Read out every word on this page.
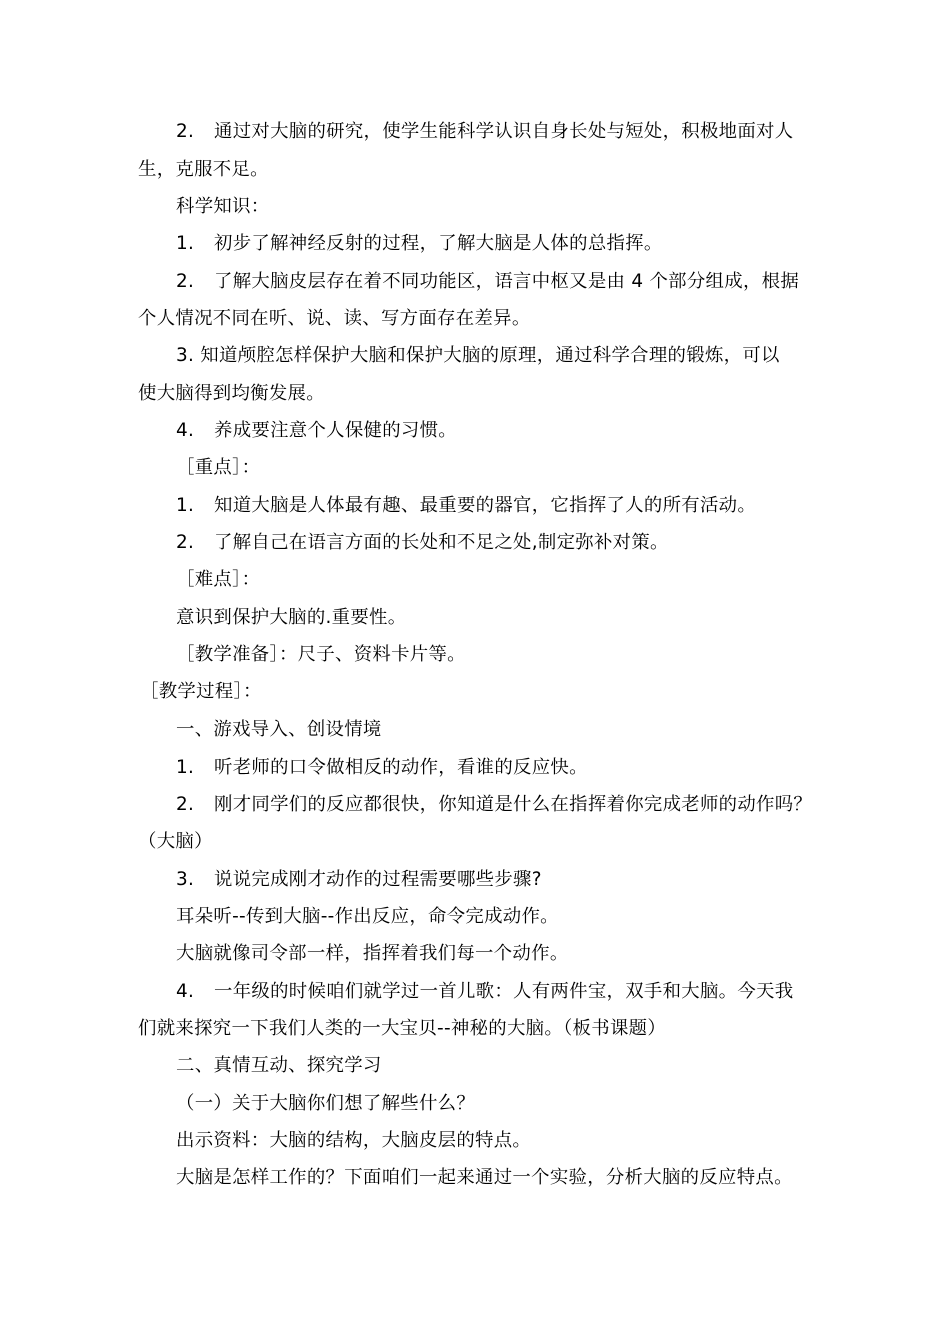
2. 通过对大脑的研究，使学生能科学认识自身长处与短处，积极地面对人
生，克服不足。
科学知识：
1. 初步了解神经反射的过程，了解大脑是人体的总指挥。
2. 了解大脑皮层存在着不同功能区，语言中枢又是由 4 个部分组成，根据
个人情况不同在听、说、读、写方面存在差异。
3. 知道颅腔怎样保护大脑和保护大脑的原理，通过科学合理的锻炼，可以
使大脑得到均衡发展。
4. 养成要注意个人保健的习惯。
［重点］：
1. 知道大脑是人体最有趣、最重要的器官，它指挥了人的所有活动。
2. 了解自己在语言方面的长处和不足之处,制定弥补对策。
［难点］：
意识到保护大脑的.重要性。
［教学准备］：尺子、资料卡片等。
［教学过程］：
一、游戏导入、创设情境
1. 听老师的口令做相反的动作，看谁的反应快。
2. 刚才同学们的反应都很快，你知道是什么在指挥着你完成老师的动作吗？
（大脑）
3. 说说完成刚才动作的过程需要哪些步骤?
耳朵听--传到大脑--作出反应，命令完成动作。
大脑就像司令部一样，指挥着我们每一个动作。
4. 一年级的时候咱们就学过一首儿歌：人有两件宝，双手和大脑。今天我
们就来探究一下我们人类的一大宝贝--神秘的大脑。（板书课题）
二、真情互动、探究学习
（一）关于大脑你们想了解些什么？
出示资料：大脑的结构，大脑皮层的特点。
大脑是怎样工作的？下面咱们一起来通过一个实验，分析大脑的反应特点。
